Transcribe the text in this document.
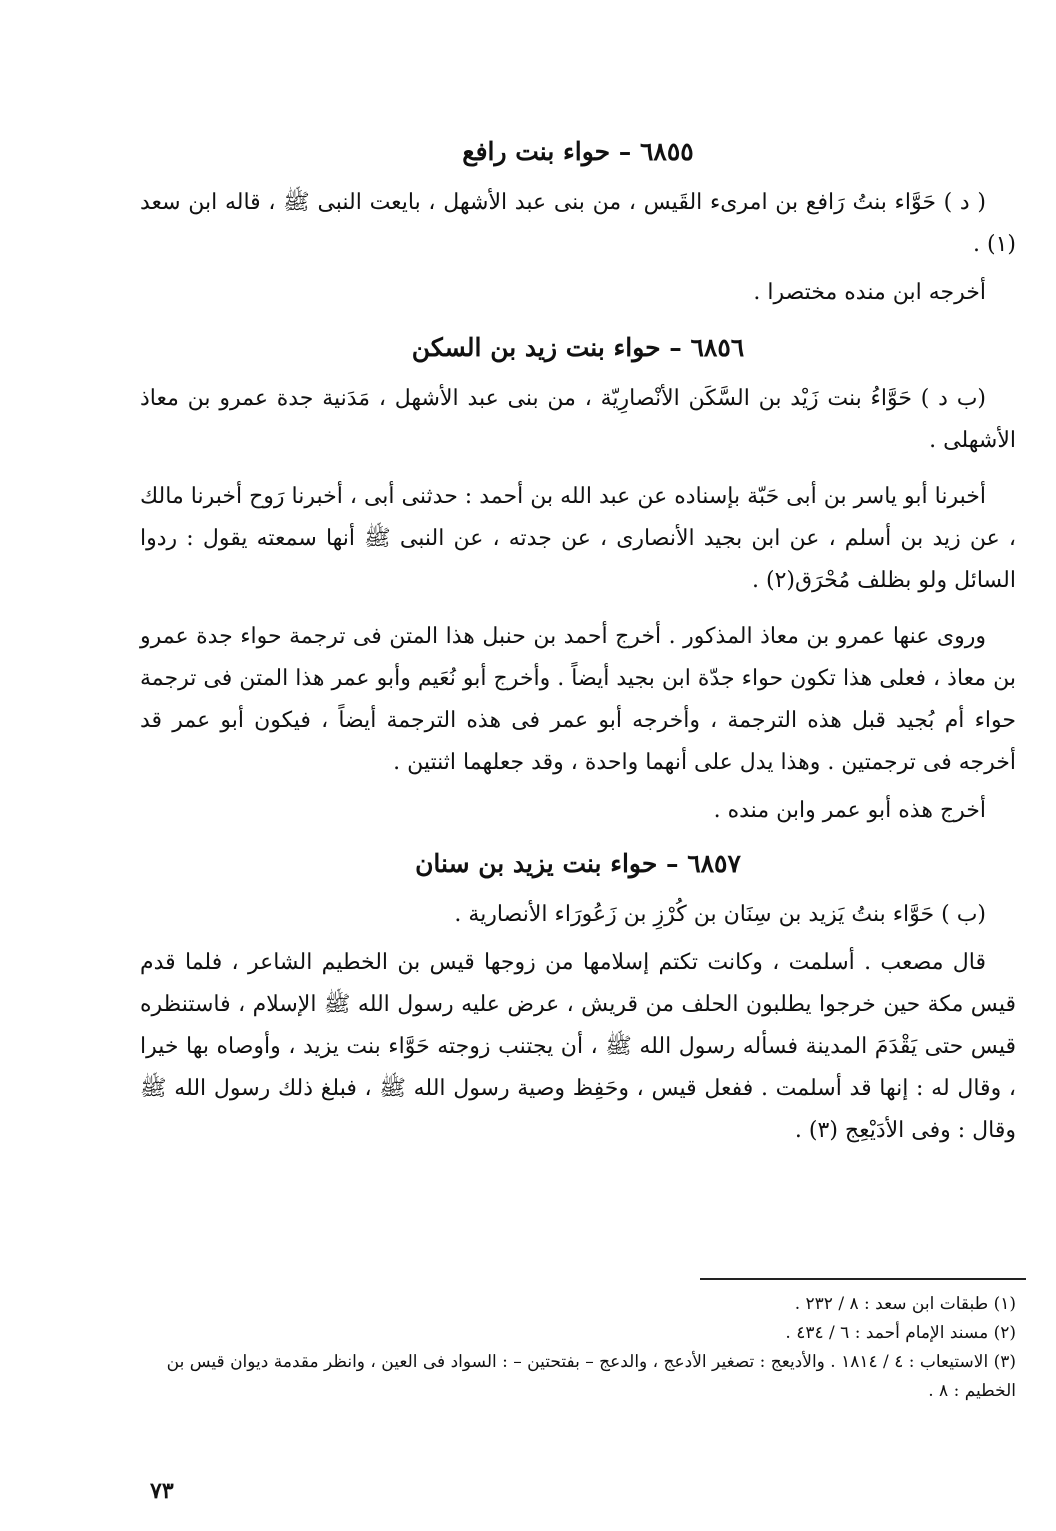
٦٨٥٥ – حواء بنت رافع

( د ) حَوَّاء بنتُ رَافع بن امرىء القَيس ، من بنى عبد الأشهل ، بايعت النبى ﷺ ، قاله ابن سعد (١) .

أخرجه ابن منده مختصرا .

٦٨٥٦ – حواء بنت زيد بن السكن

(ب د ) حَوَّاءُ بنت زَيْد بن السَّكَن الأنْصارِيّة ، من بنى عبد الأشهل ، مَدَنية جدة عمرو بن معاذ الأشهلى .

أخبرنا أبو ياسر بن أبى حَبّة بإسناده عن عبد الله بن أحمد : حدثنى أبى ، أخبرنا رَوح أخبرنا مالك ، عن زيد بن أسلم ، عن ابن بجيد الأنصارى ، عن جدته ، عن النبى ﷺ أنها سمعته يقول : ردوا السائل ولو بظلف مُحْرَق(٢) .

وروى عنها عمرو بن معاذ المذكور . أخرج أحمد بن حنبل هذا المتن فى ترجمة حواء جدة عمرو بن معاذ ، فعلى هذا تكون حواء جدّة ابن بجيد أيضاً . وأخرج أبو نُعَيم وأبو عمر هذا المتن فى ترجمة حواء أم بُجيد قبل هذه الترجمة ، وأخرجه أبو عمر فى هذه الترجمة أيضاً ، فيكون أبو عمر قد أخرجه فى ترجمتين . وهذا يدل على أنهما واحدة ، وقد جعلهما اثنتين .

أخرج هذه أبو عمر وابن منده .

٦٨٥٧ – حواء بنت يزيد بن سنان

(ب ) حَوَّاء بنتُ يَزيد بن سِنَان بن كُرْزِ بن زَعُورَاء الأنصارية .

قال مصعب . أسلمت ، وكانت تكتم إسلامها من زوجها قيس بن الخطيم الشاعر ، فلما قدم قيس مكة حين خرجوا يطلبون الحلف من قريش ، عرض عليه رسول الله ﷺ الإسلام ، فاستنظره قيس حتى يَقْدَمَ المدينة فسأله رسول الله ﷺ ، أن يجتنب زوجته حَوَّاء بنت يزيد ، وأوصاه بها خيرا ، وقال له : إنها قد أسلمت . ففعل قيس ، وحَفِظ وصية رسول الله ﷺ ، فبلغ ذلك رسول الله ﷺ وقال : وفى الأدَيْعِج (٣) .

(١) طبقات ابن سعد : ٨ / ٢٣٢ .

(٢) مسند الإمام أحمد : ٦ / ٤٣٤ .

(٣) الاستيعاب : ٤ / ١٨١٤ . والأديعج : تصغير الأدعج ، والدعج – بفتحتين – : السواد فى العين ، وانظر مقدمة ديوان قيس بن الخطيم : ٨ .

٧٣
